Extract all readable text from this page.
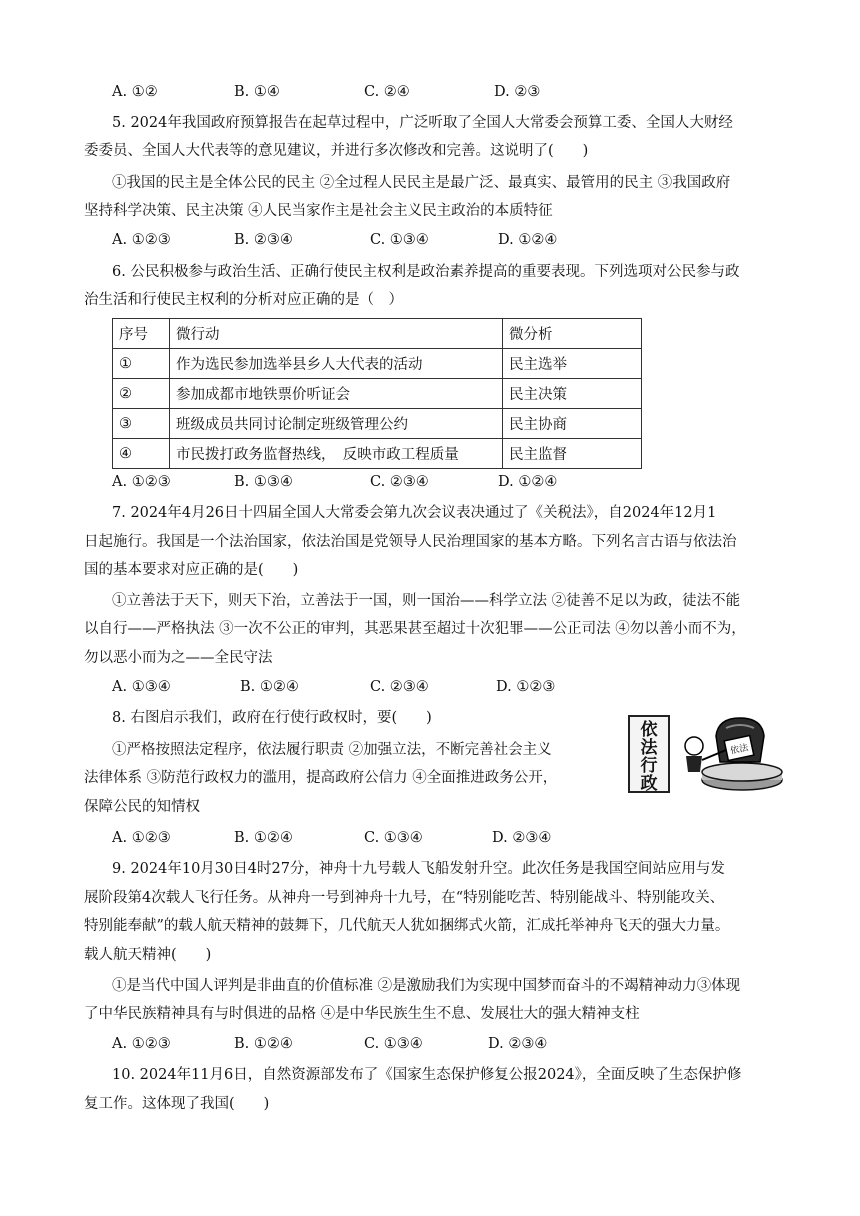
A. ①②	B. ①④	C. ②④	D. ②③
5. 2024年我国政府预算报告在起草过程中，广泛听取了全国人大常委会预算工委、全国人大财经
委委员、全国人大代表等的意见建议，并进行多次修改和完善。这说明了(　　)
①我国的民主是全体公民的民主 ②全过程人民民主是最广泛、最真实、最管用的民主 ③我国政府
坚持科学决策、民主决策 ④人民当家作主是社会主义民主政治的本质特征
A. ①②③	B. ②③④	C. ①③④	D. ①②④
6. 公民积极参与政治生活、正确行使民主权利是政治素养提高的重要表现。下列选项对公民参与政
治生活和行使民主权利的分析对应正确的是（　）
序号	微行动	微分析
①	作为选民参加选举县乡人大代表的活动	民主选举
②	参加成都市地铁票价听证会	民主决策
③	班级成员共同讨论制定班级管理公约	民主协商
④	市民拨打政务监督热线，　反映市政工程质量	民主监督
A. ①②③	B. ①③④	C. ②③④	D. ①②④
7. 2024年4月26日十四届全国人大常委会第九次会议表决通过了《关税法》，自2024年12月1
日起施行。我国是一个法治国家，依法治国是党领导人民治理国家的基本方略。下列名言古语与依法治
国的基本要求对应正确的是(　　)
①立善法于天下，则天下治，立善法于一国，则一国治——科学立法 ②徒善不足以为政，徒法不能
以自行——严格执法 ③一次不公正的审判，其恶果甚至超过十次犯罪——公正司法 ④勿以善小而不为，
勿以恶小而为之——全民守法
A. ①③④	B. ①②④	C. ②③④	D. ①②③
8. 右图启示我们，政府在行使行政权时，要(　　)
①严格按照法定程序，依法履行职责 ②加强立法，不断完善社会主义
法律体系 ③防范行政权力的滥用，提高政府公信力 ④全面推进政务公开，
保障公民的知情权
依
法
行
政
依法
A. ①②③	B. ①②④	C. ①③④	D. ②③④
9. 2024年10月30日4时27分，神舟十九号载人飞船发射升空。此次任务是我国空间站应用与发
展阶段第4次载人飞行任务。从神舟一号到神舟十九号，在“特别能吃苦、特别能战斗、特别能攻关、
特别能奉献”的载人航天精神的鼓舞下，几代航天人犹如捆绑式火箭，汇成托举神舟飞天的强大力量。
载人航天精神(　　)
①是当代中国人评判是非曲直的价值标准 ②是激励我们为实现中国梦而奋斗的不竭精神动力③体现
了中华民族精神具有与时俱进的品格 ④是中华民族生生不息、发展壮大的强大精神支柱
A. ①②③	B. ①②④	C. ①③④	D. ②③④
10. 2024年11月6日，自然资源部发布了《国家生态保护修复公报2024》，全面反映了生态保护修
复工作。这体现了我国(　　)
